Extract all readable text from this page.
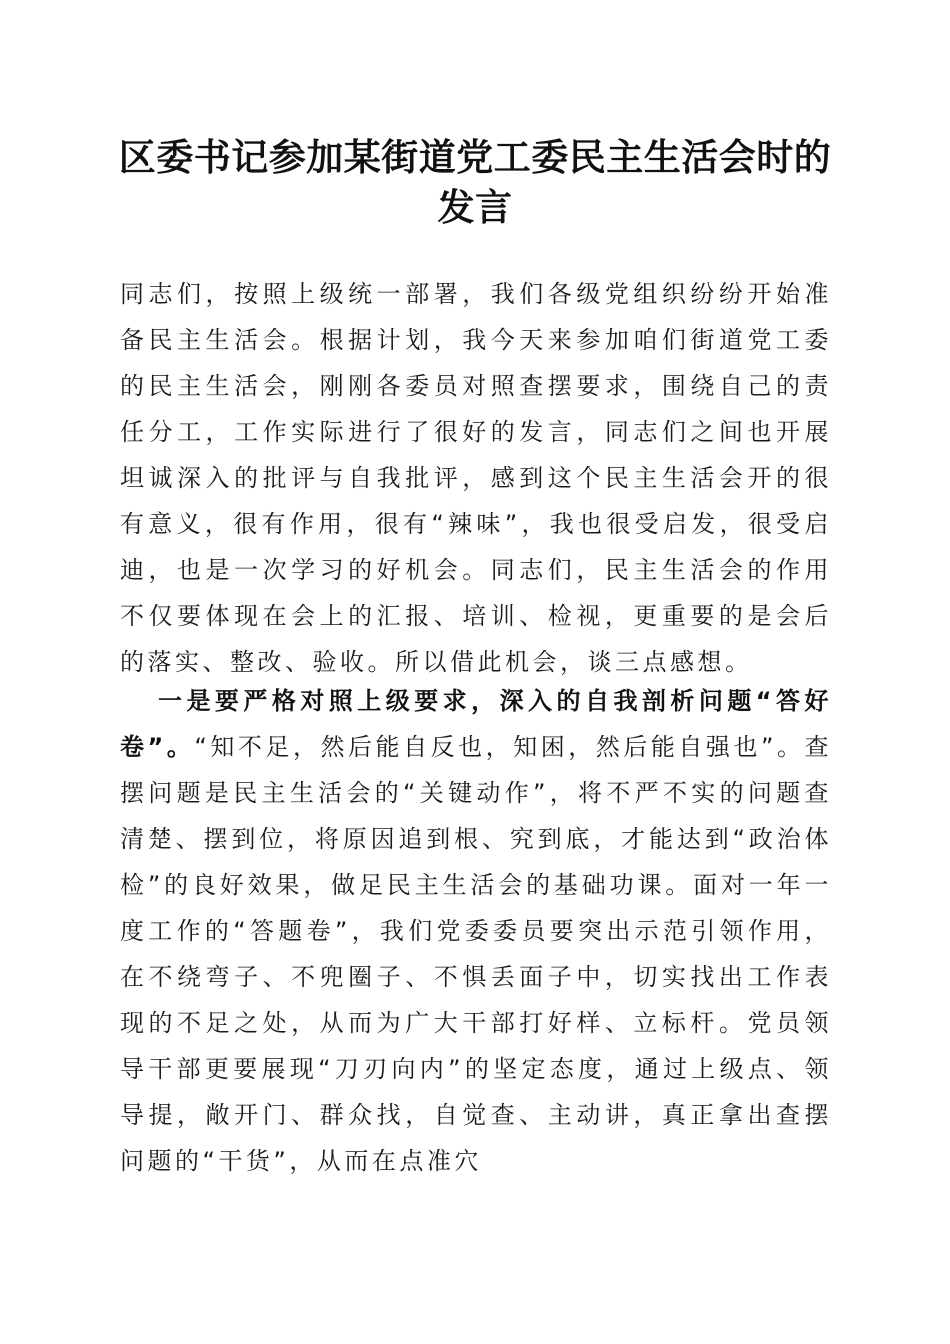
区委书记参加某街道党工委民主生活会时的发言

同志们，按照上级统一部署，我们各级党组织纷纷开始准备民主生活会。根据计划，我今天来参加咱们街道党工委的民主生活会，刚刚各委员对照查摆要求，围绕自己的责任分工，工作实际进行了很好的发言，同志们之间也开展坦诚深入的批评与自我批评，感到这个民主生活会开的很有意义，很有作用，很有“辣味”，我也很受启发，很受启迪，也是一次学习的好机会。同志们，民主生活会的作用不仅要体现在会上的汇报、培训、检视，更重要的是会后的落实、整改、验收。所以借此机会，谈三点感想。

一是要严格对照上级要求，深入的自我剖析问题“答好卷”。“知不足，然后能自反也，知困，然后能自强也”。查摆问题是民主生活会的“关键动作”，将不严不实的问题查清楚、摆到位，将原因追到根、究到底，才能达到“政治体检”的良好效果，做足民主生活会的基础功课。面对一年一度工作的“答题卷”，我们党委委员要突出示范引领作用，在不绕弯子、不兜圈子、不惧丢面子中，切实找出工作表现的不足之处，从而为广大干部打好样、立标杆。党员领导干部更要展现“刀刃向内”的坚定态度，通过上级点、领导提，敞开门、群众找，自觉查、主动讲，真正拿出查摆问题的“干货”，从而在点准穴
